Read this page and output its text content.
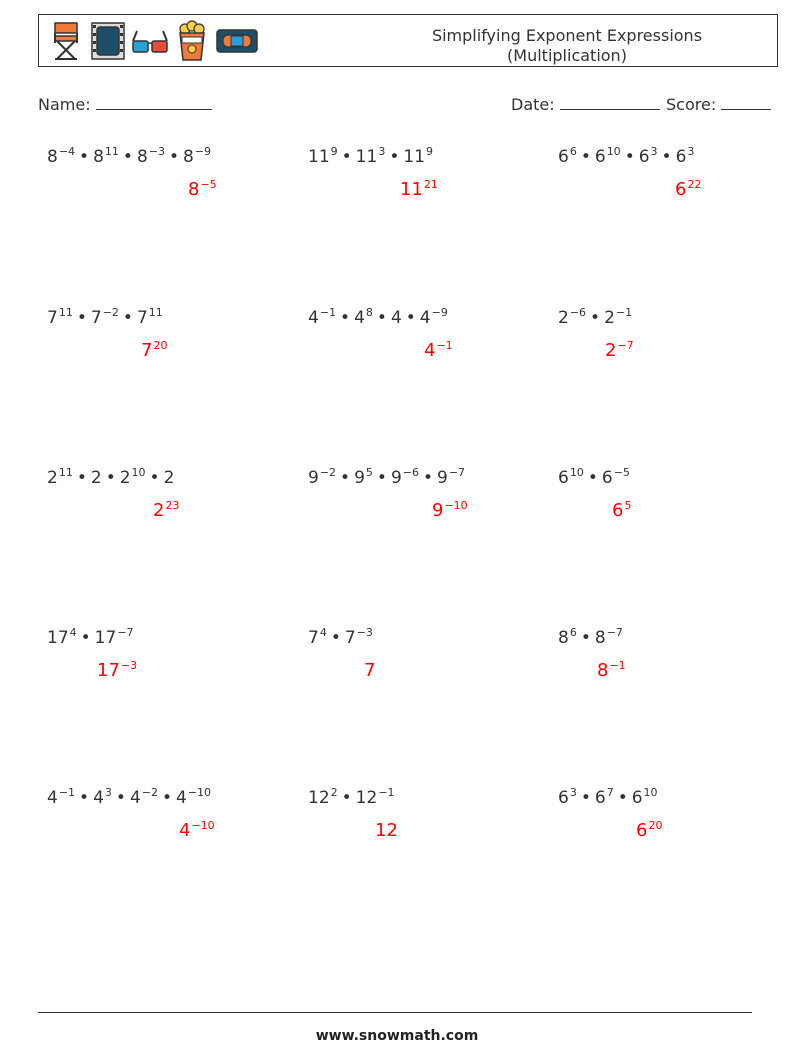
Simplifying Exponent Expressions
(Multiplication)
Name:	Date:	Score:
$8^{-4}$ • $8^{11}$ • $8^{-3}$ • $8^{-9}$
$8^{-5}$
$11^9$ • $11^3$ • $11^9$
$11^{21}$
$6^6$ • $6^{10}$ • $6^3$ • $6^3$
$6^{22}$
$7^{11}$ • $7^{-2}$ • $7^{11}$
$7^{20}$
$4^{-1}$ • $4^8$ • 4 • $4^{-9}$
$4^{-1}$
$2^{-6}$ • $2^{-1}$
$2^{-7}$
$2^{11}$ • 2 • $2^{10}$ • 2
$2^{23}$
$9^{-2}$ • $9^5$ • $9^{-6}$ • $9^{-7}$
$9^{-10}$
$6^{10}$ • $6^{-5}$
$6^5$
$17^4$ • $17^{-7}$
$17^{-3}$
$7^4$ • $7^{-3}$
7
$8^6$ • $8^{-7}$
$8^{-1}$
$4^{-1}$ • $4^3$ • $4^{-2}$ • $4^{-10}$
$4^{-10}$
$12^2$ • $12^{-1}$
12
$6^3$ • $6^7$ • $6^{10}$
$6^{20}$
www.snowmath.com
